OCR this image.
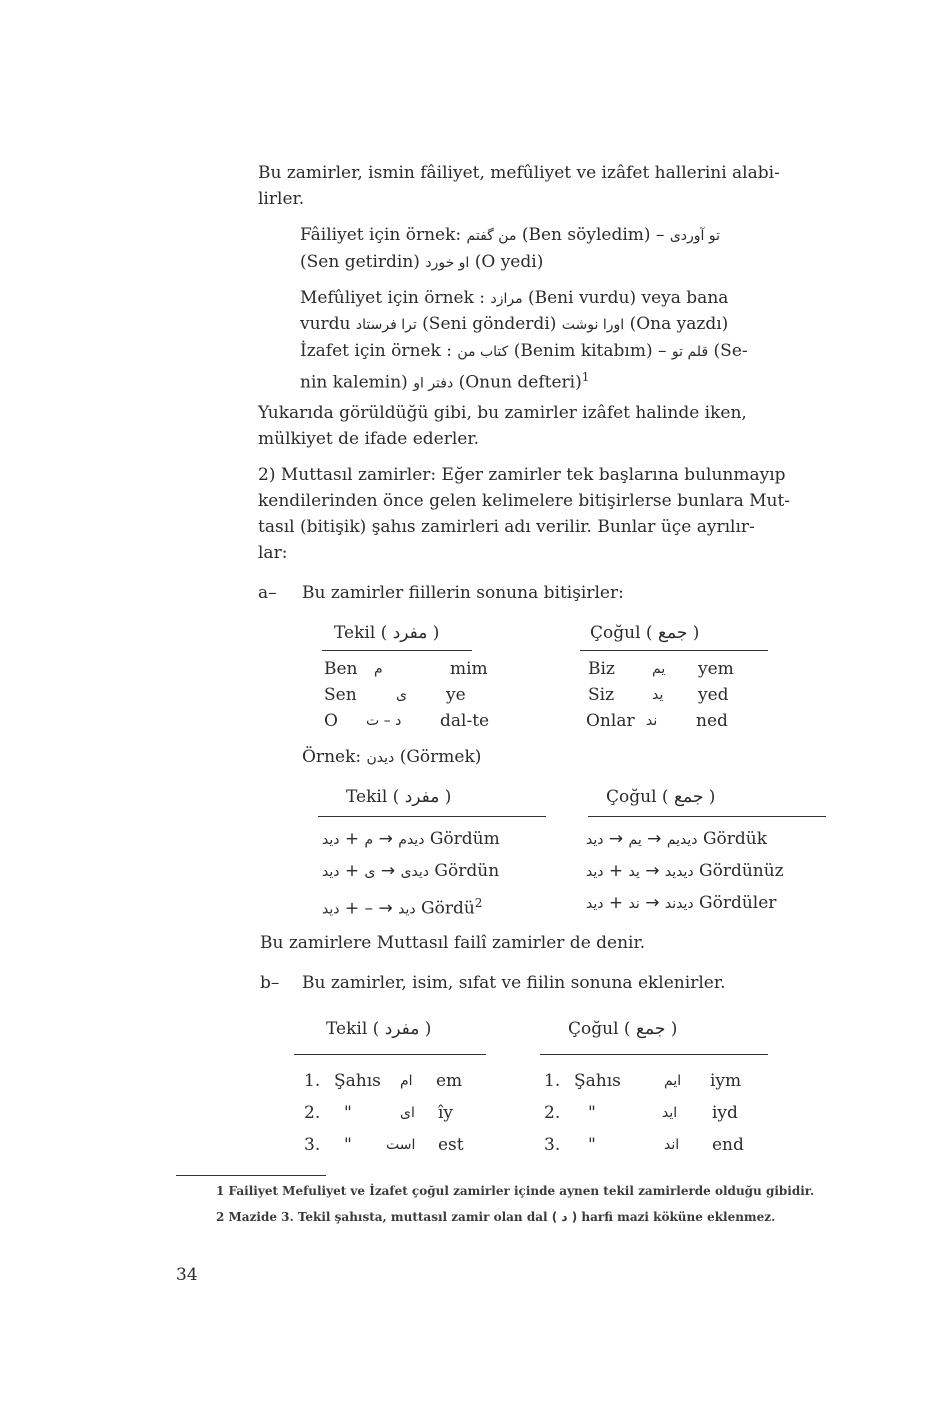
Bu zamirler, ismin fâiliyet, mefûliyet ve izâfet hallerini alabi-
lirler.
Fâiliyet için örnek: من گفتم (Ben söyledim) – تو آوردی
(Sen getirdin) او خورد (O yedi)
Mefûliyet için örnek : مرازد (Beni vurdu) veya bana
vurdu ترا فرستاد (Seni gönderdi) اورا نوشت (Ona yazdı)
İzafet için örnek : کتاب من (Benim kitabım) – قلم تو (Se-
nin kalemin) دفتر او (Onun defteri)$^1$
Yukarıda görüldüğü gibi, bu zamirler izâfet halinde iken,
mülkiyet de ifade ederler.
2) Muttasıl zamirler: Eğer zamirler tek başlarına bulunmayıp
kendilerinden önce gelen kelimelere bitişirlerse bunlara Mut-
tasıl (bitişik) şahıs zamirleri adı verilir. Bunlar üçe ayrılır-
lar:
a– Bu zamirler fiillerin sonuna bitişirler:
Tekil ( مفرد )	Çoğul ( جمع )
Ben م	mim
Sen	ی ye
O د – ت dal-te
Biz	یم yem
Siz	ید yed
Onlar ند ned
Örnek: دیدن (Görmek)
Tekil ( مفرد )	Çoğul ( جمع )
دید + م → دیدم Gördüm
دید + ی → دیدی Gördün
دید + – → دید Gördü$^2$
دید → یم → دیدیم Gördük
دید + ید → دیدید Gördünüz
دید + ند → دیدند Gördüler
Bu zamirlere Muttasıl failî zamirler de denir.
b– Bu zamirler, isim, sıfat ve fiilin sonuna eklenirler.
Tekil ( مفرد )	Çoğul ( جمع )
1. Şahıs ام em
2. "	ای îy
3. " است est
1. Şahıs	ایم iym
2. "	اید iyd
3. "	اند end
1 Failiyet Mefuliyet ve İzafet çoğul zamirler içinde aynen tekil zamirlerde olduğu gibidir.
2 Mazide 3. Tekil şahısta, muttasıl zamir olan dal ( د ) harfi mazi köküne eklenmez.
34
